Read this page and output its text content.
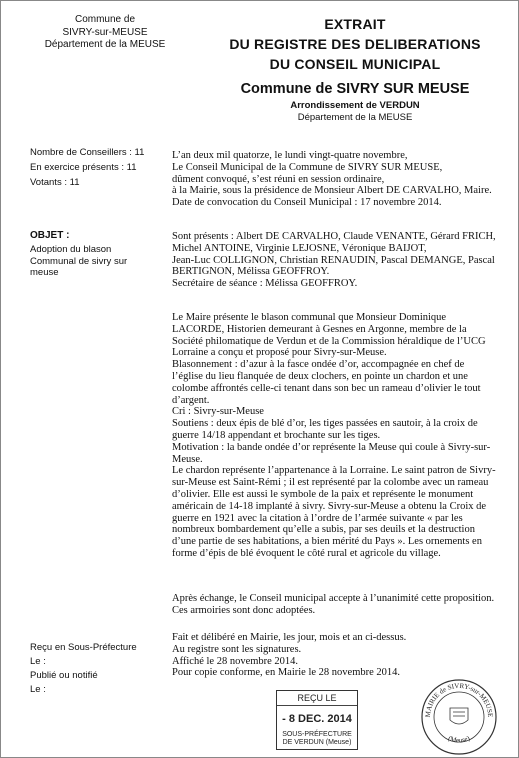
Commune de
SIVRY-sur-MEUSE
Département de la MEUSE
EXTRAIT
DU REGISTRE DES DELIBERATIONS
DU CONSEIL MUNICIPAL
Commune de SIVRY SUR MEUSE
Arrondissement de VERDUN
Département de la MEUSE
Nombre de Conseillers : 11
En exercice présents : 11
Votants : 11
OBJET :
Adoption du blason
Communal de sivry sur
meuse
L’an deux mil quatorze, le lundi vingt-quatre novembre,
Le Conseil Municipal de la Commune de SIVRY SUR MEUSE,
dûment convoqué, s’est réuni en session ordinaire,
à la Mairie, sous la présidence de Monsieur Albert DE CARVALHO, Maire.
Date de convocation du Conseil Municipal : 17 novembre 2014.
Sont présents : Albert DE CARVALHO, Claude VENANTE, Gérard FRICH,
Michel ANTOINE, Virginie LEJOSNE, Véronique BAIJOT,
Jean-Luc COLLIGNON, Christian RENAUDIN, Pascal DEMANGE, Pascal
BERTIGNON, Mélissa GEOFFROY.
Secrétaire de séance : Mélissa GEOFFROY.
Le Maire présente le blason communal que Monsieur Dominique
LACORDE, Historien demeurant à Gesnes en Argonne, membre de la
Société philomatique de Verdun et de la Commission héraldique de l’UCG
Lorraine a conçu et proposé pour Sivry-sur-Meuse.
Blasonnement : d’azur à la fasce ondée d’or, accompagnée en chef de
l’église du lieu flanquée de deux clochers, en pointe un chardon et une
colombe affrontés celle-ci tenant dans son bec un rameau d’olivier le tout
d’argent.
Cri : Sivry-sur-Meuse
Soutiens : deux épis de blé d’or, les tiges passées en sautoir, à la croix de
guerre 14/18 appendant et brochante sur les tiges.
Motivation : la bande ondée d’or représente la Meuse qui coule à Sivry-sur-
Meuse.
Le chardon représente l’appartenance à la Lorraine. Le saint patron de Sivry-
sur-Meuse est Saint-Rémi ; il est représenté par la colombe avec un rameau
d’olivier. Elle est aussi le symbole de la paix et représente le monument
américain de 14-18 implanté à sivry. Sivry-sur-Meuse a obtenu la Croix de
guerre en 1921 avec la citation à l’ordre de l’armée suivante « par les
nombreux bombardement qu’elle a subis, par ses deuils et la destruction
d’une partie de ses habitations, a bien mérité du Pays ». Les ornements en
forme d’épis de blé évoquent le côté rural et agricole du village.
Après échange, le Conseil municipal accepte à l’unanimité cette proposition.
Ces armoiries sont donc adoptées.
Fait et délibéré en Mairie, les jour, mois et an ci-dessus.
Au registre sont les signatures.
Affiché le 28 novembre 2014.
Pour copie conforme, en Mairie le 28 novembre 2014.
Reçu en Sous-Préfecture
Le :
Publié ou notifié
Le :
REÇU LE
- 8 DEC. 2014
SOUS-PRÉFECTURE
DE VERDUN (Meuse)
MAIRIE de SIVRY-sur-MEUSE
(Meuse)
